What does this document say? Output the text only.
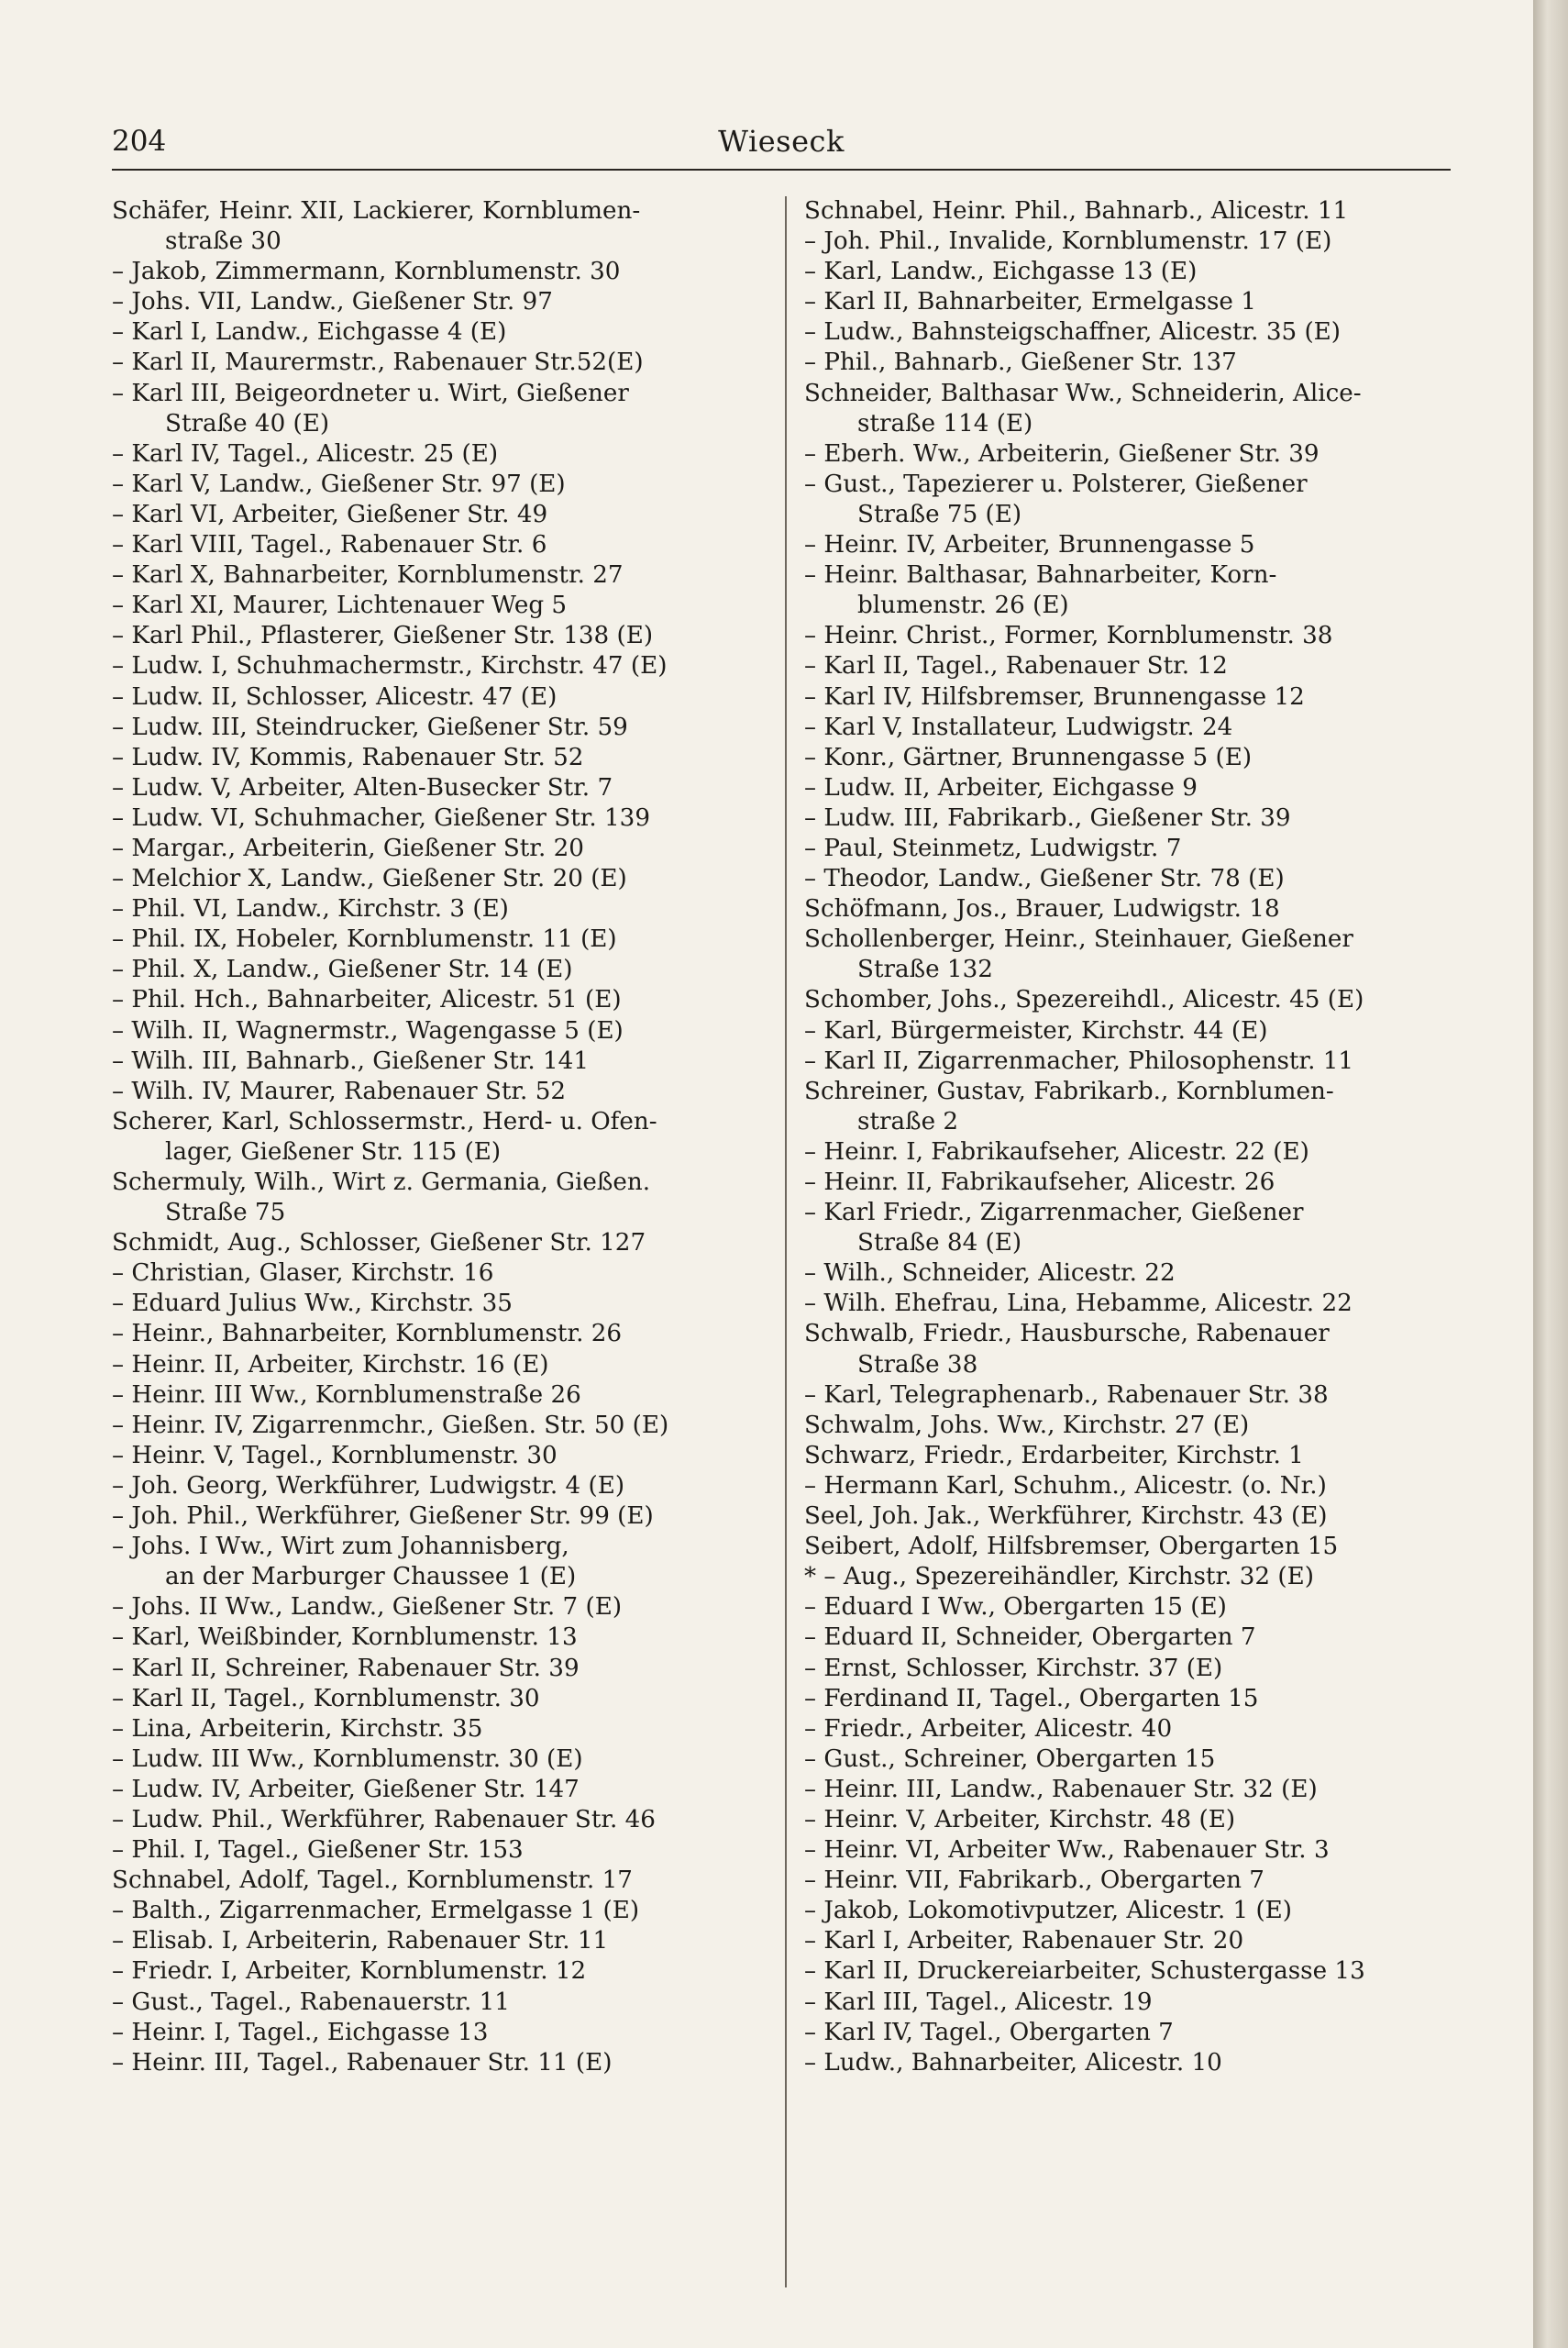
204	Wieseck
Schäfer, Heinr. XII, Lackierer, Kornblumen-
straße 30
– Jakob, Zimmermann, Kornblumenstr. 30
– Johs. VII, Landw., Gießener Str. 97
– Karl I, Landw., Eichgasse 4 (E)
– Karl II, Maurermstr., Rabenauer Str.52(E)
– Karl III, Beigeordneter u. Wirt, Gießener
Straße 40 (E)
– Karl IV, Tagel., Alicestr. 25 (E)
– Karl V, Landw., Gießener Str. 97 (E)
– Karl VI, Arbeiter, Gießener Str. 49
– Karl VIII, Tagel., Rabenauer Str. 6
– Karl X, Bahnarbeiter, Kornblumenstr. 27
– Karl XI, Maurer, Lichtenauer Weg 5
– Karl Phil., Pflasterer, Gießener Str. 138 (E)
– Ludw. I, Schuhmachermstr., Kirchstr. 47 (E)
– Ludw. II, Schlosser, Alicestr. 47 (E)
– Ludw. III, Steindrucker, Gießener Str. 59
– Ludw. IV, Kommis, Rabenauer Str. 52
– Ludw. V, Arbeiter, Alten-Busecker Str. 7
– Ludw. VI, Schuhmacher, Gießener Str. 139
– Margar., Arbeiterin, Gießener Str. 20
– Melchior X, Landw., Gießener Str. 20 (E)
– Phil. VI, Landw., Kirchstr. 3 (E)
– Phil. IX, Hobeler, Kornblumenstr. 11 (E)
– Phil. X, Landw., Gießener Str. 14 (E)
– Phil. Hch., Bahnarbeiter, Alicestr. 51 (E)
– Wilh. II, Wagnermstr., Wagengasse 5 (E)
– Wilh. III, Bahnarb., Gießener Str. 141
– Wilh. IV, Maurer, Rabenauer Str. 52
Scherer, Karl, Schlossermstr., Herd- u. Ofen-
lager, Gießener Str. 115 (E)
Schermuly, Wilh., Wirt z. Germania, Gießen.
Straße 75
Schmidt, Aug., Schlosser, Gießener Str. 127
– Christian, Glaser, Kirchstr. 16
– Eduard Julius Ww., Kirchstr. 35
– Heinr., Bahnarbeiter, Kornblumenstr. 26
– Heinr. II, Arbeiter, Kirchstr. 16 (E)
– Heinr. III Ww., Kornblumenstraße 26
– Heinr. IV, Zigarrenmchr., Gießen. Str. 50 (E)
– Heinr. V, Tagel., Kornblumenstr. 30
– Joh. Georg, Werkführer, Ludwigstr. 4 (E)
– Joh. Phil., Werkführer, Gießener Str. 99 (E)
– Johs. I Ww., Wirt zum Johannisberg,
an der Marburger Chaussee 1 (E)
– Johs. II Ww., Landw., Gießener Str. 7 (E)
– Karl, Weißbinder, Kornblumenstr. 13
– Karl II, Schreiner, Rabenauer Str. 39
– Karl II, Tagel., Kornblumenstr. 30
– Lina, Arbeiterin, Kirchstr. 35
– Ludw. III Ww., Kornblumenstr. 30 (E)
– Ludw. IV, Arbeiter, Gießener Str. 147
– Ludw. Phil., Werkführer, Rabenauer Str. 46
– Phil. I, Tagel., Gießener Str. 153
Schnabel, Adolf, Tagel., Kornblumenstr. 17
– Balth., Zigarrenmacher, Ermelgasse 1 (E)
– Elisab. I, Arbeiterin, Rabenauer Str. 11
– Friedr. I, Arbeiter, Kornblumenstr. 12
– Gust., Tagel., Rabenauerstr. 11
– Heinr. I, Tagel., Eichgasse 13
– Heinr. III, Tagel., Rabenauer Str. 11 (E)
Schnabel, Heinr. Phil., Bahnarb., Alicestr. 11
– Joh. Phil., Invalide, Kornblumenstr. 17 (E)
– Karl, Landw., Eichgasse 13 (E)
– Karl II, Bahnarbeiter, Ermelgasse 1
– Ludw., Bahnsteigschaffner, Alicestr. 35 (E)
– Phil., Bahnarb., Gießener Str. 137
Schneider, Balthasar Ww., Schneiderin, Alice-
straße 114 (E)
– Eberh. Ww., Arbeiterin, Gießener Str. 39
– Gust., Tapezierer u. Polsterer, Gießener
Straße 75 (E)
– Heinr. IV, Arbeiter, Brunnengasse 5
– Heinr. Balthasar, Bahnarbeiter, Korn-
blumenstr. 26 (E)
– Heinr. Christ., Former, Kornblumenstr. 38
– Karl II, Tagel., Rabenauer Str. 12
– Karl IV, Hilfsbremser, Brunnengasse 12
– Karl V, Installateur, Ludwigstr. 24
– Konr., Gärtner, Brunnengasse 5 (E)
– Ludw. II, Arbeiter, Eichgasse 9
– Ludw. III, Fabrikarb., Gießener Str. 39
– Paul, Steinmetz, Ludwigstr. 7
– Theodor, Landw., Gießener Str. 78 (E)
Schöfmann, Jos., Brauer, Ludwigstr. 18
Schollenberger, Heinr., Steinhauer, Gießener
Straße 132
Schomber, Johs., Spezereihdl., Alicestr. 45 (E)
– Karl, Bürgermeister, Kirchstr. 44 (E)
– Karl II, Zigarrenmacher, Philosophenstr. 11
Schreiner, Gustav, Fabrikarb., Kornblumen-
straße 2
– Heinr. I, Fabrikaufseher, Alicestr. 22 (E)
– Heinr. II, Fabrikaufseher, Alicestr. 26
– Karl Friedr., Zigarrenmacher, Gießener
Straße 84 (E)
– Wilh., Schneider, Alicestr. 22
– Wilh. Ehefrau, Lina, Hebamme, Alicestr. 22
Schwalb, Friedr., Hausbursche, Rabenauer
Straße 38
– Karl, Telegraphenarb., Rabenauer Str. 38
Schwalm, Johs. Ww., Kirchstr. 27 (E)
Schwarz, Friedr., Erdarbeiter, Kirchstr. 1
– Hermann Karl, Schuhm., Alicestr. (o. Nr.)
Seel, Joh. Jak., Werkführer, Kirchstr. 43 (E)
Seibert, Adolf, Hilfsbremser, Obergarten 15
* – Aug., Spezereihändler, Kirchstr. 32 (E)
– Eduard I Ww., Obergarten 15 (E)
– Eduard II, Schneider, Obergarten 7
– Ernst, Schlosser, Kirchstr. 37 (E)
– Ferdinand II, Tagel., Obergarten 15
– Friedr., Arbeiter, Alicestr. 40
– Gust., Schreiner, Obergarten 15
– Heinr. III, Landw., Rabenauer Str. 32 (E)
– Heinr. V, Arbeiter, Kirchstr. 48 (E)
– Heinr. VI, Arbeiter Ww., Rabenauer Str. 3
– Heinr. VII, Fabrikarb., Obergarten 7
– Jakob, Lokomotivputzer, Alicestr. 1 (E)
– Karl I, Arbeiter, Rabenauer Str. 20
– Karl II, Druckereiarbeiter, Schustergasse 13
– Karl III, Tagel., Alicestr. 19
– Karl IV, Tagel., Obergarten 7
– Ludw., Bahnarbeiter, Alicestr. 10
